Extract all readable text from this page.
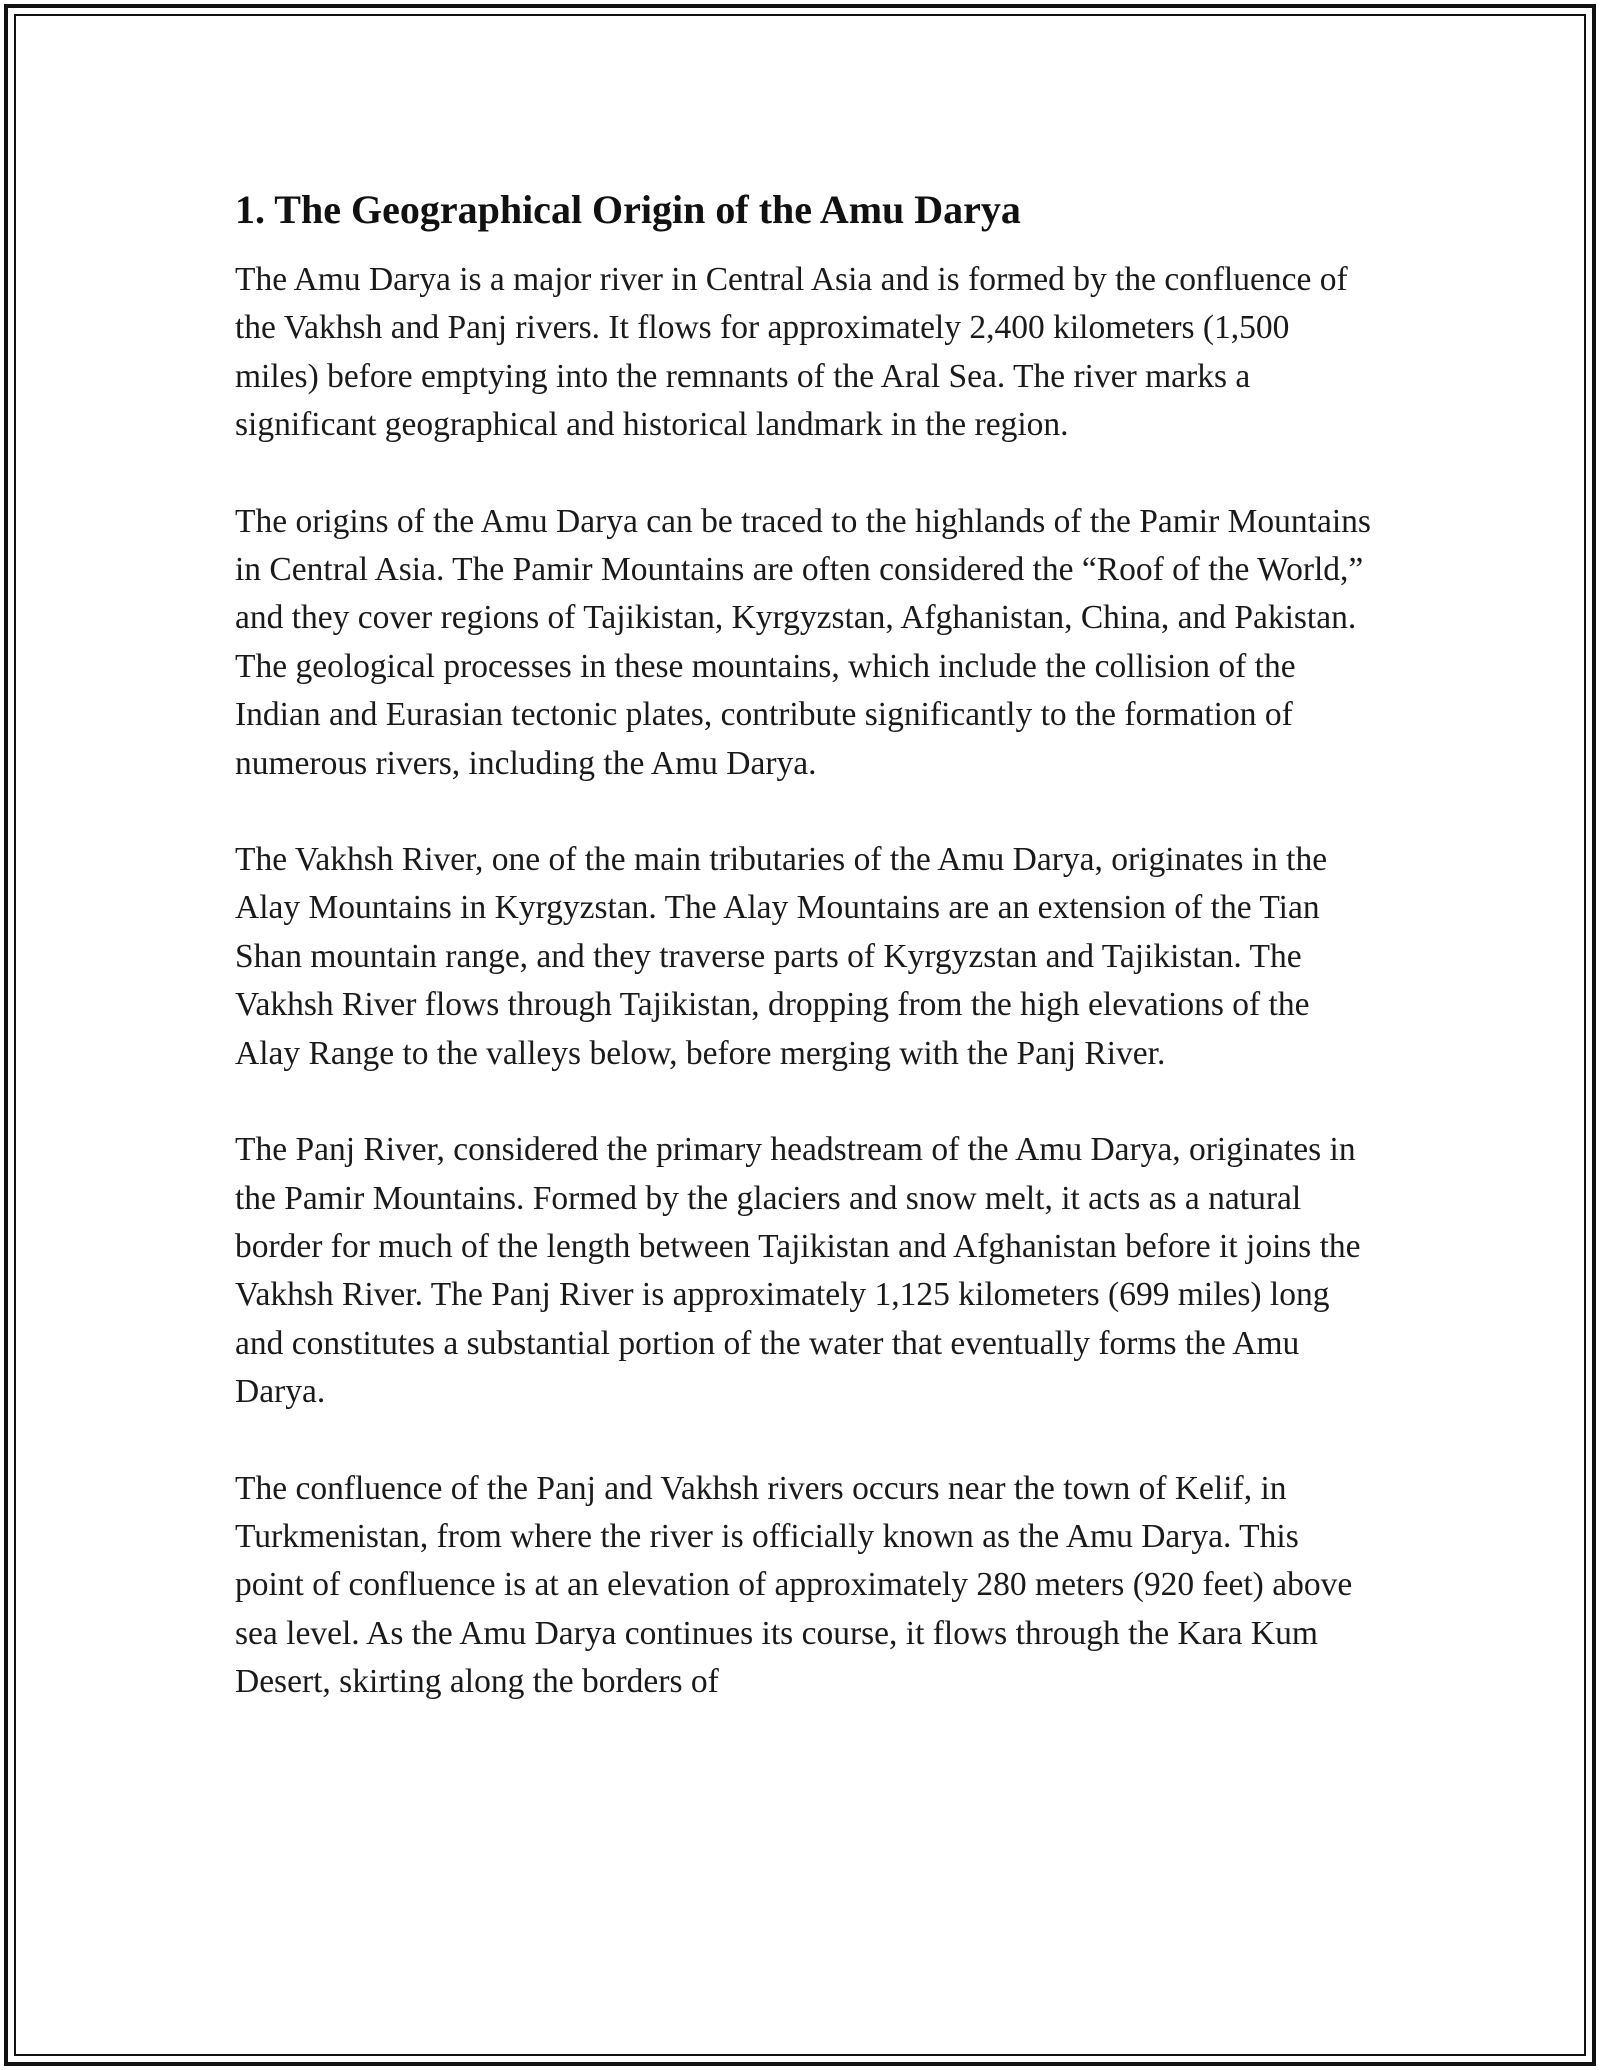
1. The Geographical Origin of the Amu Darya

The Amu Darya is a major river in Central Asia and is formed by the confluence of the Vakhsh and Panj rivers. It flows for approximately 2,400 kilometers (1,500 miles) before emptying into the remnants of the Aral Sea. The river marks a significant geographical and historical landmark in the region.

The origins of the Amu Darya can be traced to the highlands of the Pamir Mountains in Central Asia. The Pamir Mountains are often considered the “Roof of the World,” and they cover regions of Tajikistan, Kyrgyzstan, Afghanistan, China, and Pakistan. The geological processes in these mountains, which include the collision of the Indian and Eurasian tectonic plates, contribute significantly to the formation of numerous rivers, including the Amu Darya.

The Vakhsh River, one of the main tributaries of the Amu Darya, originates in the Alay Mountains in Kyrgyzstan. The Alay Mountains are an extension of the Tian Shan mountain range, and they traverse parts of Kyrgyzstan and Tajikistan. The Vakhsh River flows through Tajikistan, dropping from the high elevations of the Alay Range to the valleys below, before merging with the Panj River.

The Panj River, considered the primary headstream of the Amu Darya, originates in the Pamir Mountains. Formed by the glaciers and snow melt, it acts as a natural border for much of the length between Tajikistan and Afghanistan before it joins the Vakhsh River. The Panj River is approximately 1,125 kilometers (699 miles) long and constitutes a substantial portion of the water that eventually forms the Amu Darya.

The confluence of the Panj and Vakhsh rivers occurs near the town of Kelif, in Turkmenistan, from where the river is officially known as the Amu Darya. This point of confluence is at an elevation of approximately 280 meters (920 feet) above sea level. As the Amu Darya continues its course, it flows through the Kara Kum Desert, skirting along the borders of
